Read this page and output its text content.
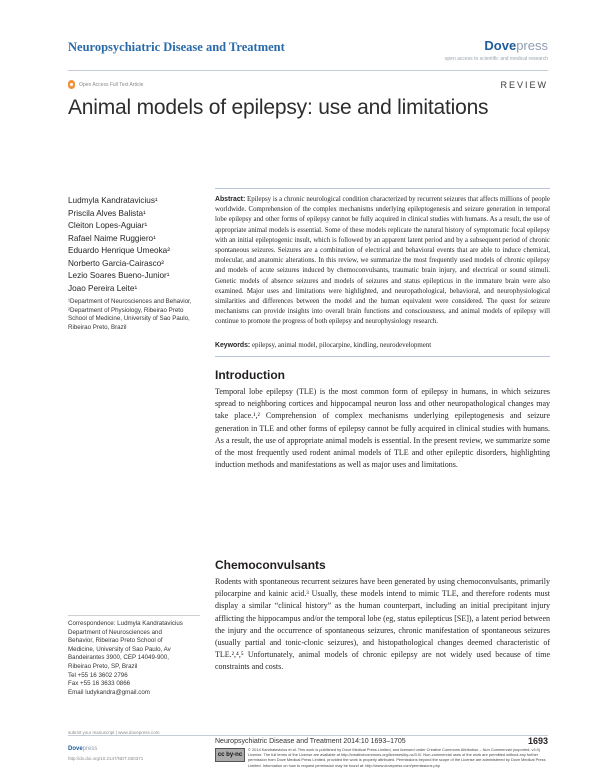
Neuropsychiatric Disease and Treatment	Dovepress
open access to scientific and medical research
Open Access Full Text Article	REVIEW
Animal models of epilepsy: use and limitations
Ludmyla Kandratavicius¹
Priscila Alves Balista¹
Cleiton Lopes-Aguiar¹
Rafael Naime Ruggiero¹
Eduardo Henrique Umeoka²
Norberto Garcia-Cairasco²
Lezio Soares Bueno-Junior¹
Joao Pereira Leite¹
¹Department of Neurosciences and Behavior, ²Department of Physiology, Ribeirao Preto School of Medicine, University of Sao Paulo, Ribeirao Preto, Brazil
Abstract: Epilepsy is a chronic neurological condition characterized by recurrent seizures that affects millions of people worldwide. Comprehension of the complex mechanisms underlying epileptogenesis and seizure generation in temporal lobe epilepsy and other forms of epilepsy cannot be fully acquired in clinical studies with humans. As a result, the use of appropriate animal models is essential. Some of these models replicate the natural history of symptomatic focal epilepsy with an initial epileptogenic insult, which is followed by an apparent latent period and by a subsequent period of chronic spontaneous seizures. Seizures are a combination of electrical and behavioral events that are able to induce chemical, molecular, and anatomic alterations. In this review, we summarize the most frequently used models of chronic epilepsy and models of acute seizures induced by chemoconvulsants, traumatic brain injury, and electrical or sound stimuli. Genetic models of absence seizures and models of seizures and status epilepticus in the immature brain were also examined. Major uses and limitations were highlighted, and neuropathological, behavioral, and neurophysiological similarities and differences between the model and the human equivalent were considered. The quest for seizure mechanisms can provide insights into overall brain functions and consciousness, and animal models of epilepsy will continue to promote the progress of both epilepsy and neurophysiology research.
Keywords: epilepsy, animal model, pilocarpine, kindling, neurodevelopment
Introduction
Temporal lobe epilepsy (TLE) is the most common form of epilepsy in humans, in which seizures spread to neighboring cortices and hippocampal neuron loss and other neuropathological changes may take place.¹,² Comprehension of complex mechanisms underlying epileptogenesis and seizure generation in TLE and other forms of epilepsy cannot be fully acquired in clinical studies with humans. As a result, the use of appropriate animal models is essential. In the present review, we summarize some of the most frequently used rodent animal models of TLE and other epileptic disorders, highlighting induction methods and manifestations as well as major uses and limitations.
Chemoconvulsants
Rodents with spontaneous recurrent seizures have been generated by using chemoconvulsants, primarily pilocarpine and kainic acid.³ Usually, these models intend to mimic TLE, and therefore rodents must display a similar “clinical history” as the human counterpart, including an initial precipitant injury afflicting the hippocampus and/or the temporal lobe (eg, status epilepticus [SE]), a latent period between the injury and the occurrence of spontaneous seizures, chronic manifestation of spontaneous seizures (usually partial and tonic-clonic seizures), and histopathological changes deemed characteristic of TLE.²,⁴,⁵ Unfortunately, animal models of chronic epilepsy are not widely used because of time constraints and costs.
Correspondence: Ludmyla Kandratavicius
Department of Neurosciences and
Behavior, Ribeirao Preto School of
Medicine, University of Sao Paulo, Av
Bandeirantes 3900, CEP 14049-900,
Ribeirao Preto, SP, Brazil
Tel +55 16 3602 2796
Fax +55 16 3633 0866
Email ludykandra@gmail.com
submit your manuscript | www.dovepress.com
Dovepress
http://dx.doi.org/10.2147/NDT.S50371
Neuropsychiatric Disease and Treatment 2014:10 1693–1705	1693
cc by-nc
© 2014 Kandratavicius et al. This work is published by Dove Medical Press Limited, and licensed under Creative Commons Attribution – Non Commercial (unported, v3.0) License. The full terms of the License are available at http://creativecommons.org/licenses/by-nc/3.0/. Non-commercial uses of the work are permitted without any further permission from Dove Medical Press Limited, provided the work is properly attributed. Permissions beyond the scope of the License are administered by Dove Medical Press Limited. Information on how to request permission may be found at: http://www.dovepress.com/permissions.php
